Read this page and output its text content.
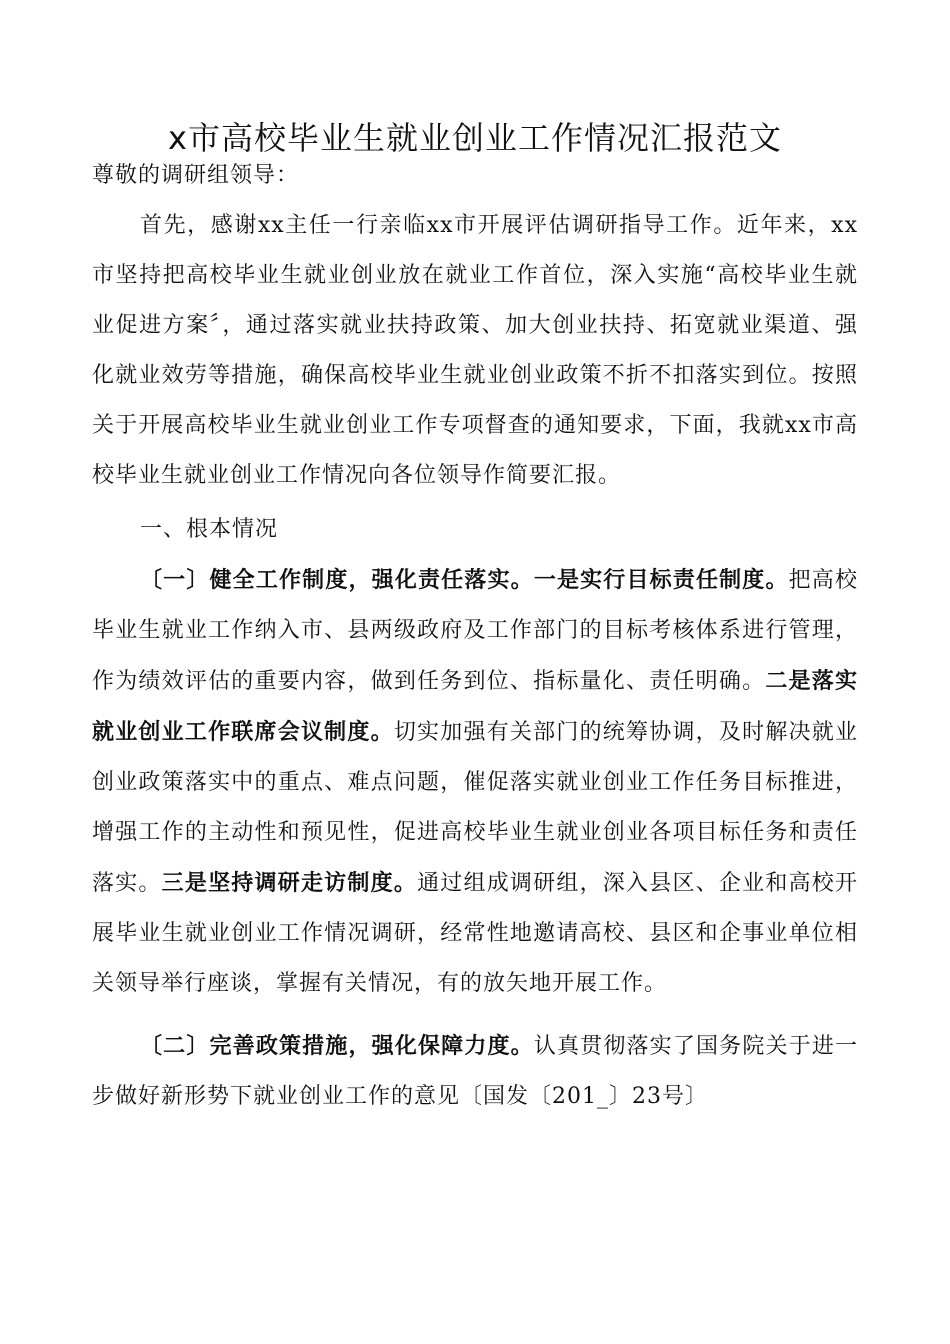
x市高校毕业生就业创业工作情况汇报范文

尊敬的调研组领导：

首先，感谢xx主任一行亲临xx市开展评估调研指导工作。近年来，xx市坚持把高校毕业生就业创业放在就业工作首位，深入实施“高校毕业生就业促进方案〞，通过落实就业扶持政策、加大创业扶持、拓宽就业渠道、强化就业效劳等措施，确保高校毕业生就业创业政策不折不扣落实到位。按照关于开展高校毕业生就业创业工作专项督查的通知要求，下面，我就xx市高校毕业生就业创业工作情况向各位领导作简要汇报。

一、根本情况

〔一〕健全工作制度，强化责任落实。一是实行目标责任制度。把高校毕业生就业工作纳入市、县两级政府及工作部门的目标考核体系进行管理，作为绩效评估的重要内容，做到任务到位、指标量化、责任明确。二是落实就业创业工作联席会议制度。切实加强有关部门的统筹协调，及时解决就业创业政策落实中的重点、难点问题，催促落实就业创业工作任务目标推进，增强工作的主动性和预见性，促进高校毕业生就业创业各项目标任务和责任落实。三是坚持调研走访制度。通过组成调研组，深入县区、企业和高校开展毕业生就业创业工作情况调研，经常性地邀请高校、县区和企事业单位相关领导举行座谈，掌握有关情况，有的放矢地开展工作。

〔二〕完善政策措施，强化保障力度。认真贯彻落实了国务院关于进一步做好新形势下就业创业工作的意见〔国发〔201_〕23号〕
